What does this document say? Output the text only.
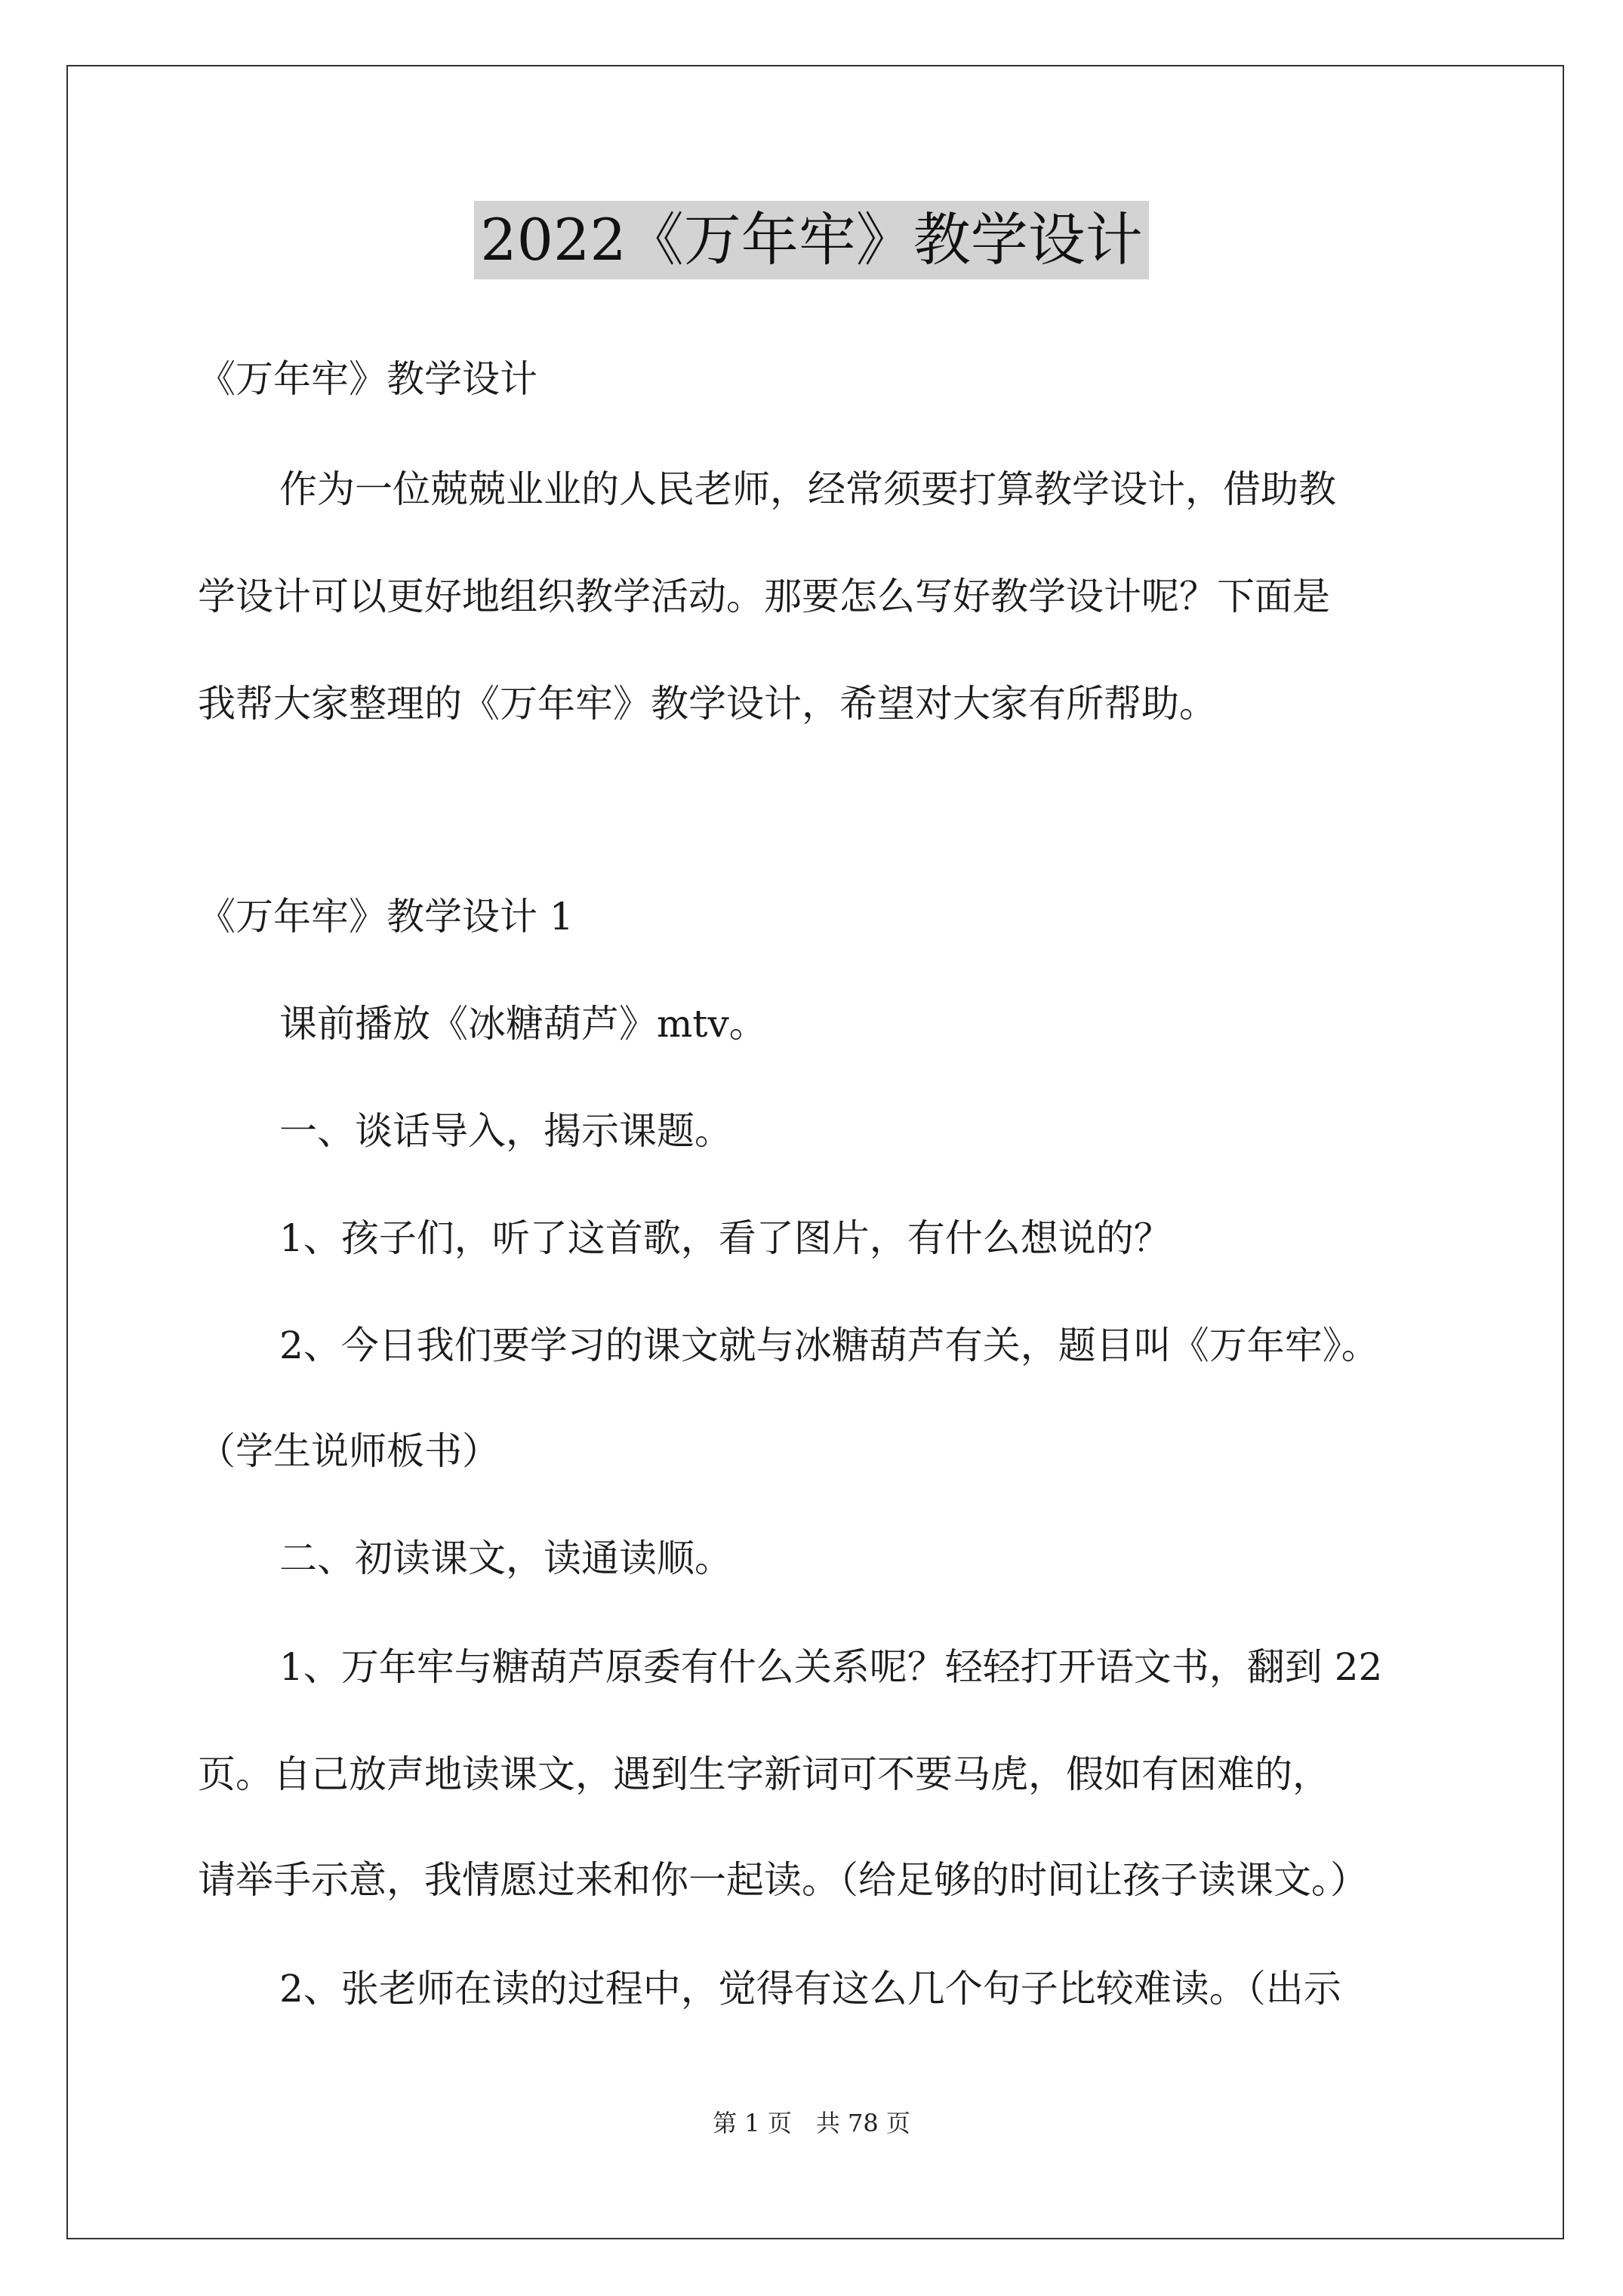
2022《万年牢》教学设计
《万年牢》教学设计
作为一位兢兢业业的人民老师，经常须要打算教学设计，借助教
学设计可以更好地组织教学活动。那要怎么写好教学设计呢？下面是
我帮大家整理的《万年牢》教学设计，希望对大家有所帮助。
《万年牢》教学设计 1
课前播放《冰糖葫芦》mtv。
一、谈话导入，揭示课题。
1、孩子们，听了这首歌，看了图片，有什么想说的？
2、今日我们要学习的课文就与冰糖葫芦有关，题目叫《万年牢》。
（学生说师板书）
二、初读课文，读通读顺。
1、万年牢与糖葫芦原委有什么关系呢？轻轻打开语文书，翻到 22
页。自己放声地读课文，遇到生字新词可不要马虎，假如有困难的，
请举手示意，我情愿过来和你一起读。（给足够的时间让孩子读课文。）
2、张老师在读的过程中，觉得有这么几个句子比较难读。（出示
第 1 页　共 78 页
